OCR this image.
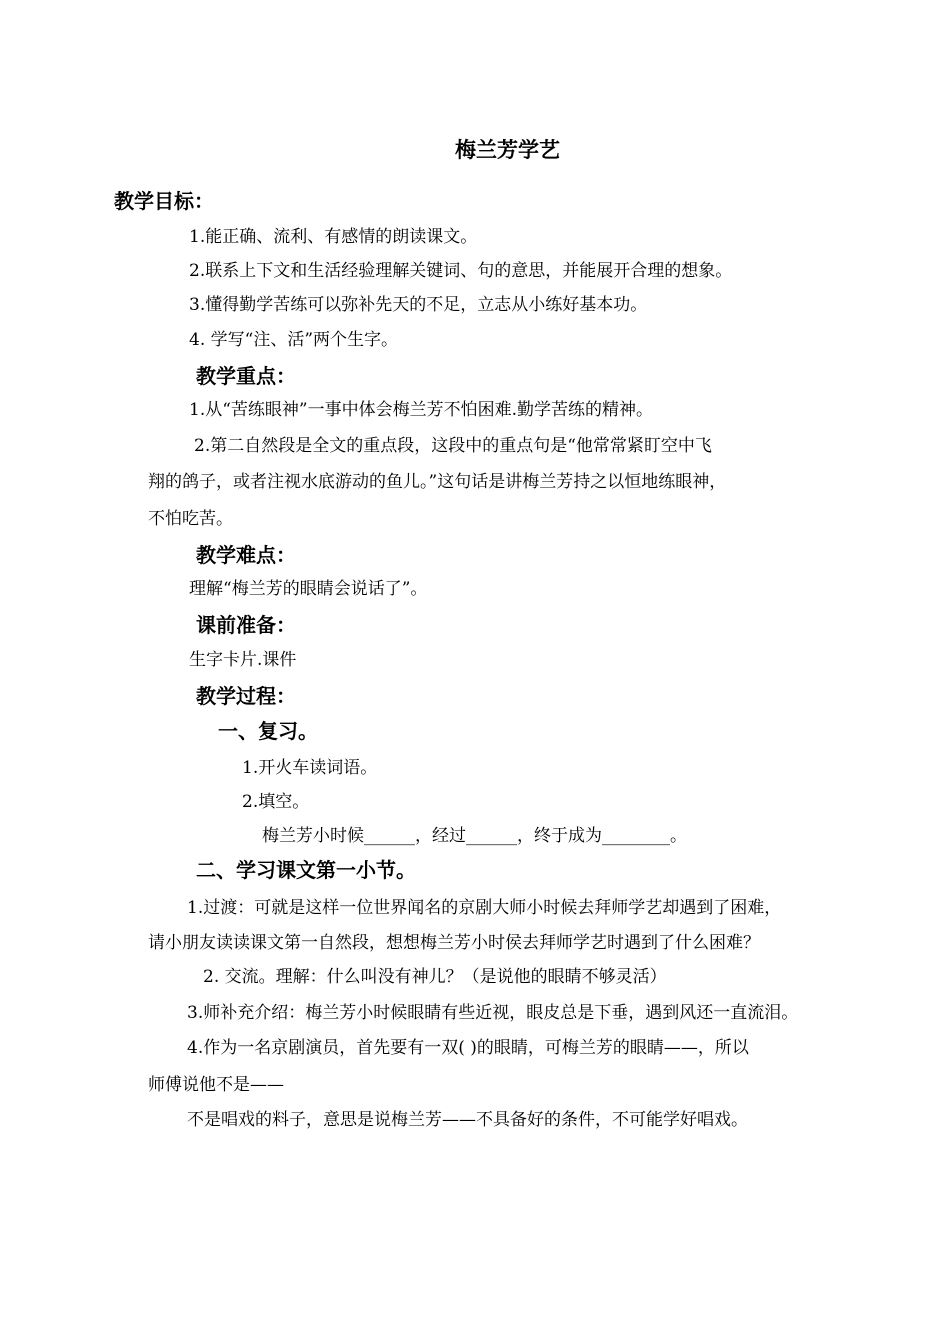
梅兰芳学艺
教学目标：
1.能正确、流利、有感情的朗读课文。
2.联系上下文和生活经验理解关键词、句的意思，并能展开合理的想象。
3.懂得勤学苦练可以弥补先天的不足，立志从小练好基本功。
4. 学写“注、活”两个生字。
教学重点：
1.从“苦练眼神”一事中体会梅兰芳不怕困难.勤学苦练的精神。
2.第二自然段是全文的重点段，这段中的重点句是“他常常紧盯空中飞
翔的鸽子，或者注视水底游动的鱼儿。”这句话是讲梅兰芳持之以恒地练眼神，
不怕吃苦。
教学难点：
理解“梅兰芳的眼睛会说话了”。
课前准备：
生字卡片.课件
教学过程：
一、复习。
1.开火车读词语。
2.填空。
梅兰芳小时候______，经过______，终于成为________。
二、学习课文第一小节。
1.过渡：可就是这样一位世界闻名的京剧大师小时候去拜师学艺却遇到了困难，
请小朋友读读课文第一自然段，想想梅兰芳小时侯去拜师学艺时遇到了什么困难？
2. 交流。理解：什么叫没有神儿？（是说他的眼睛不够灵活）
3.师补充介绍：梅兰芳小时候眼睛有些近视，眼皮总是下垂，遇到风还一直流泪。
4.作为一名京剧演员，首先要有一双( )的眼睛，可梅兰芳的眼睛——，所以
师傅说他不是——
不是唱戏的料子，意思是说梅兰芳——不具备好的条件，不可能学好唱戏。
